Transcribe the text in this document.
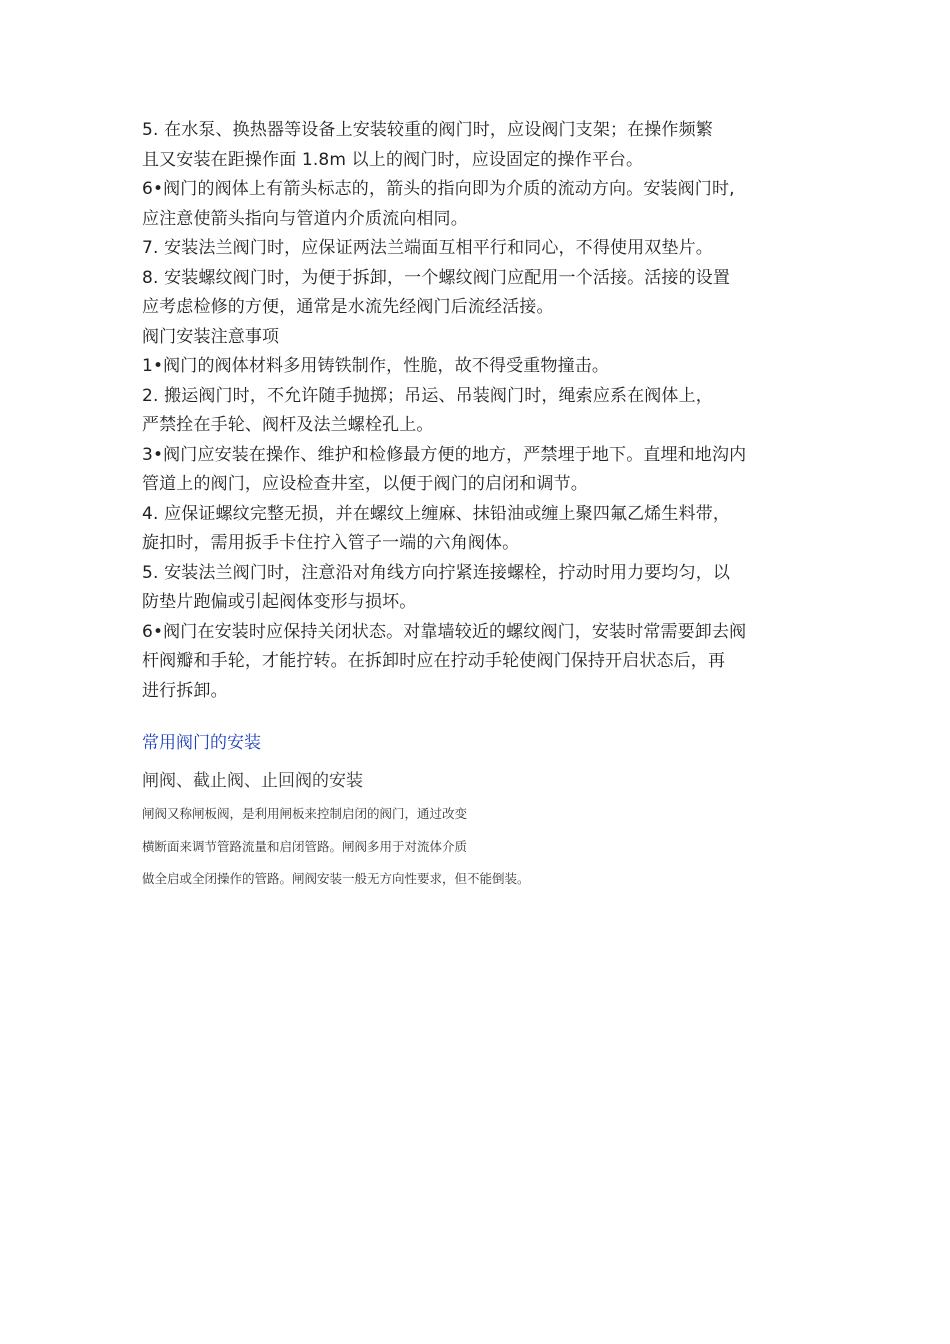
5. 在水泵、换热器等设备上安装较重的阀门时，应设阀门支架；在操作频繁
且又安装在距操作面 1.8m 以上的阀门时，应设固定的操作平台。
6•阀门的阀体上有箭头标志的，箭头的指向即为介质的流动方向。安装阀门时,
应注意使箭头指向与管道内介质流向相同。
7. 安装法兰阀门时，应保证两法兰端面互相平行和同心，不得使用双垫片。
8. 安装螺纹阀门时，为便于拆卸，一个螺纹阀门应配用一个活接。活接的设置
应考虑检修的方便，通常是水流先经阀门后流经活接。
阀门安装注意事项
1•阀门的阀体材料多用铸铁制作，性脆，故不得受重物撞击。
2. 搬运阀门时，不允许随手抛掷；吊运、吊装阀门时，绳索应系在阀体上，
严禁拴在手轮、阀杆及法兰螺栓孔上。
3•阀门应安装在操作、维护和检修最方便的地方，严禁埋于地下。直埋和地沟内
管道上的阀门，应设检查井室，以便于阀门的启闭和调节。
4. 应保证螺纹完整无损，并在螺纹上缠麻、抹铅油或缠上聚四氟乙烯生料带，
旋扣时，需用扳手卡住拧入管子一端的六角阀体。
5. 安装法兰阀门时，注意沿对角线方向拧紧连接螺栓，拧动时用力要均匀，以
防垫片跑偏或引起阀体变形与损坏。
6•阀门在安装时应保持关闭状态。对靠墙较近的螺纹阀门，安装时常需要卸去阀
杆阀瓣和手轮，才能拧转。在拆卸时应在拧动手轮使阀门保持开启状态后，再
进行拆卸。
常用阀门的安装
闸阀、截止阀、止回阀的安装
闸阀又称闸板阀，是利用闸板来控制启闭的阀门，通过改变
横断面来调节管路流量和启闭管路。闸阀多用于对流体介质
做全启或全闭操作的管路。闸阀安装一般无方向性要求，但不能倒装。
